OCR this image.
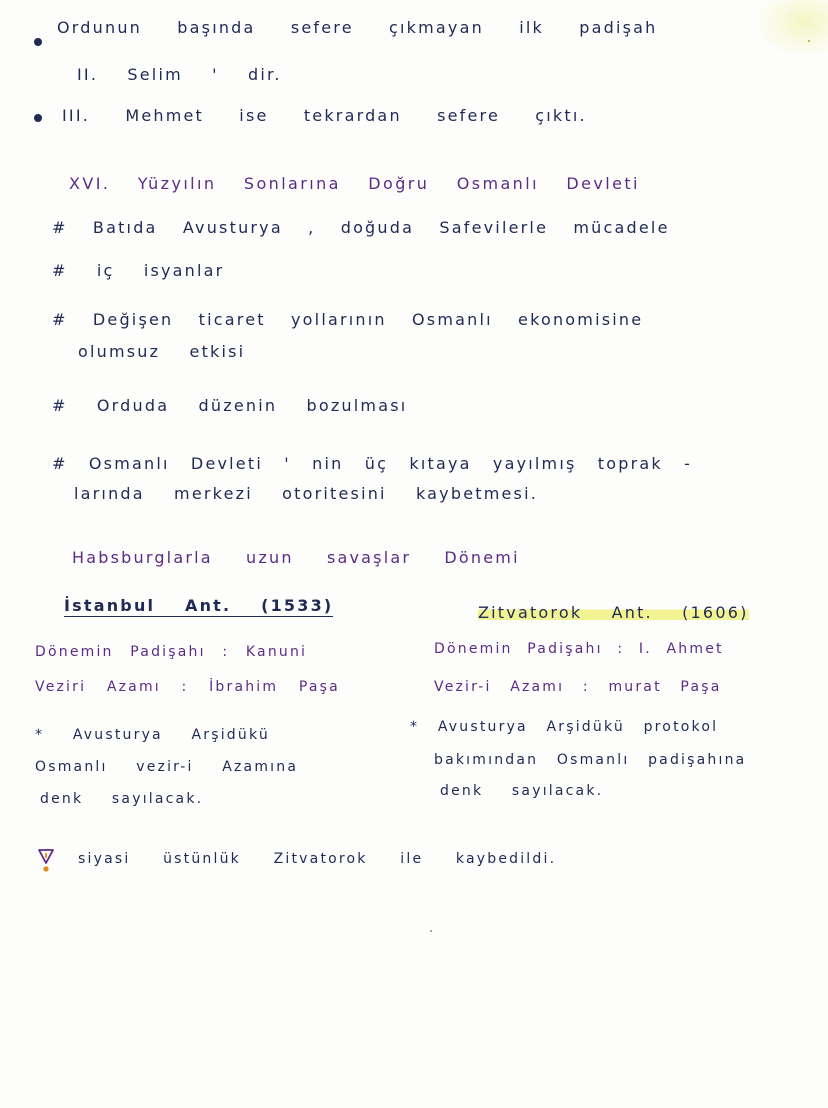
Ordunun başında sefere çıkmayan ilk padişah
II. Selim ' dir.
III. Mehmet ise tekrardan sefere çıktı.
XVI. Yüzyılın Sonlarına Doğru Osmanlı Devleti
# Batıda Avusturya , doğuda Safevilerle mücadele
# iç isyanlar
# Değişen ticaret yollarının Osmanlı ekonomisine
olumsuz etkisi
# Orduda düzenin bozulması
# Osmanlı Devleti ' nin üç kıtaya yayılmış toprak -
larında merkezi otoritesini kaybetmesi.
Habsburglarla uzun savaşlar Dönemi
İstanbul Ant. (1533)
Dönemin Padişahı : Kanuni
Veziri Azamı : İbrahim Paşa
* Avusturya Arşidükü
Osmanlı vezir-i Azamına
denk sayılacak.
Zitvatorok Ant. (1606)
Dönemin Padişahı : I. Ahmet
Vezir-i Azamı : murat Paşa
* Avusturya Arşidükü protokol
bakımından Osmanlı padişahına
denk sayılacak.
siyasi üstünlük Zitvatorok ile kaybedildi.
